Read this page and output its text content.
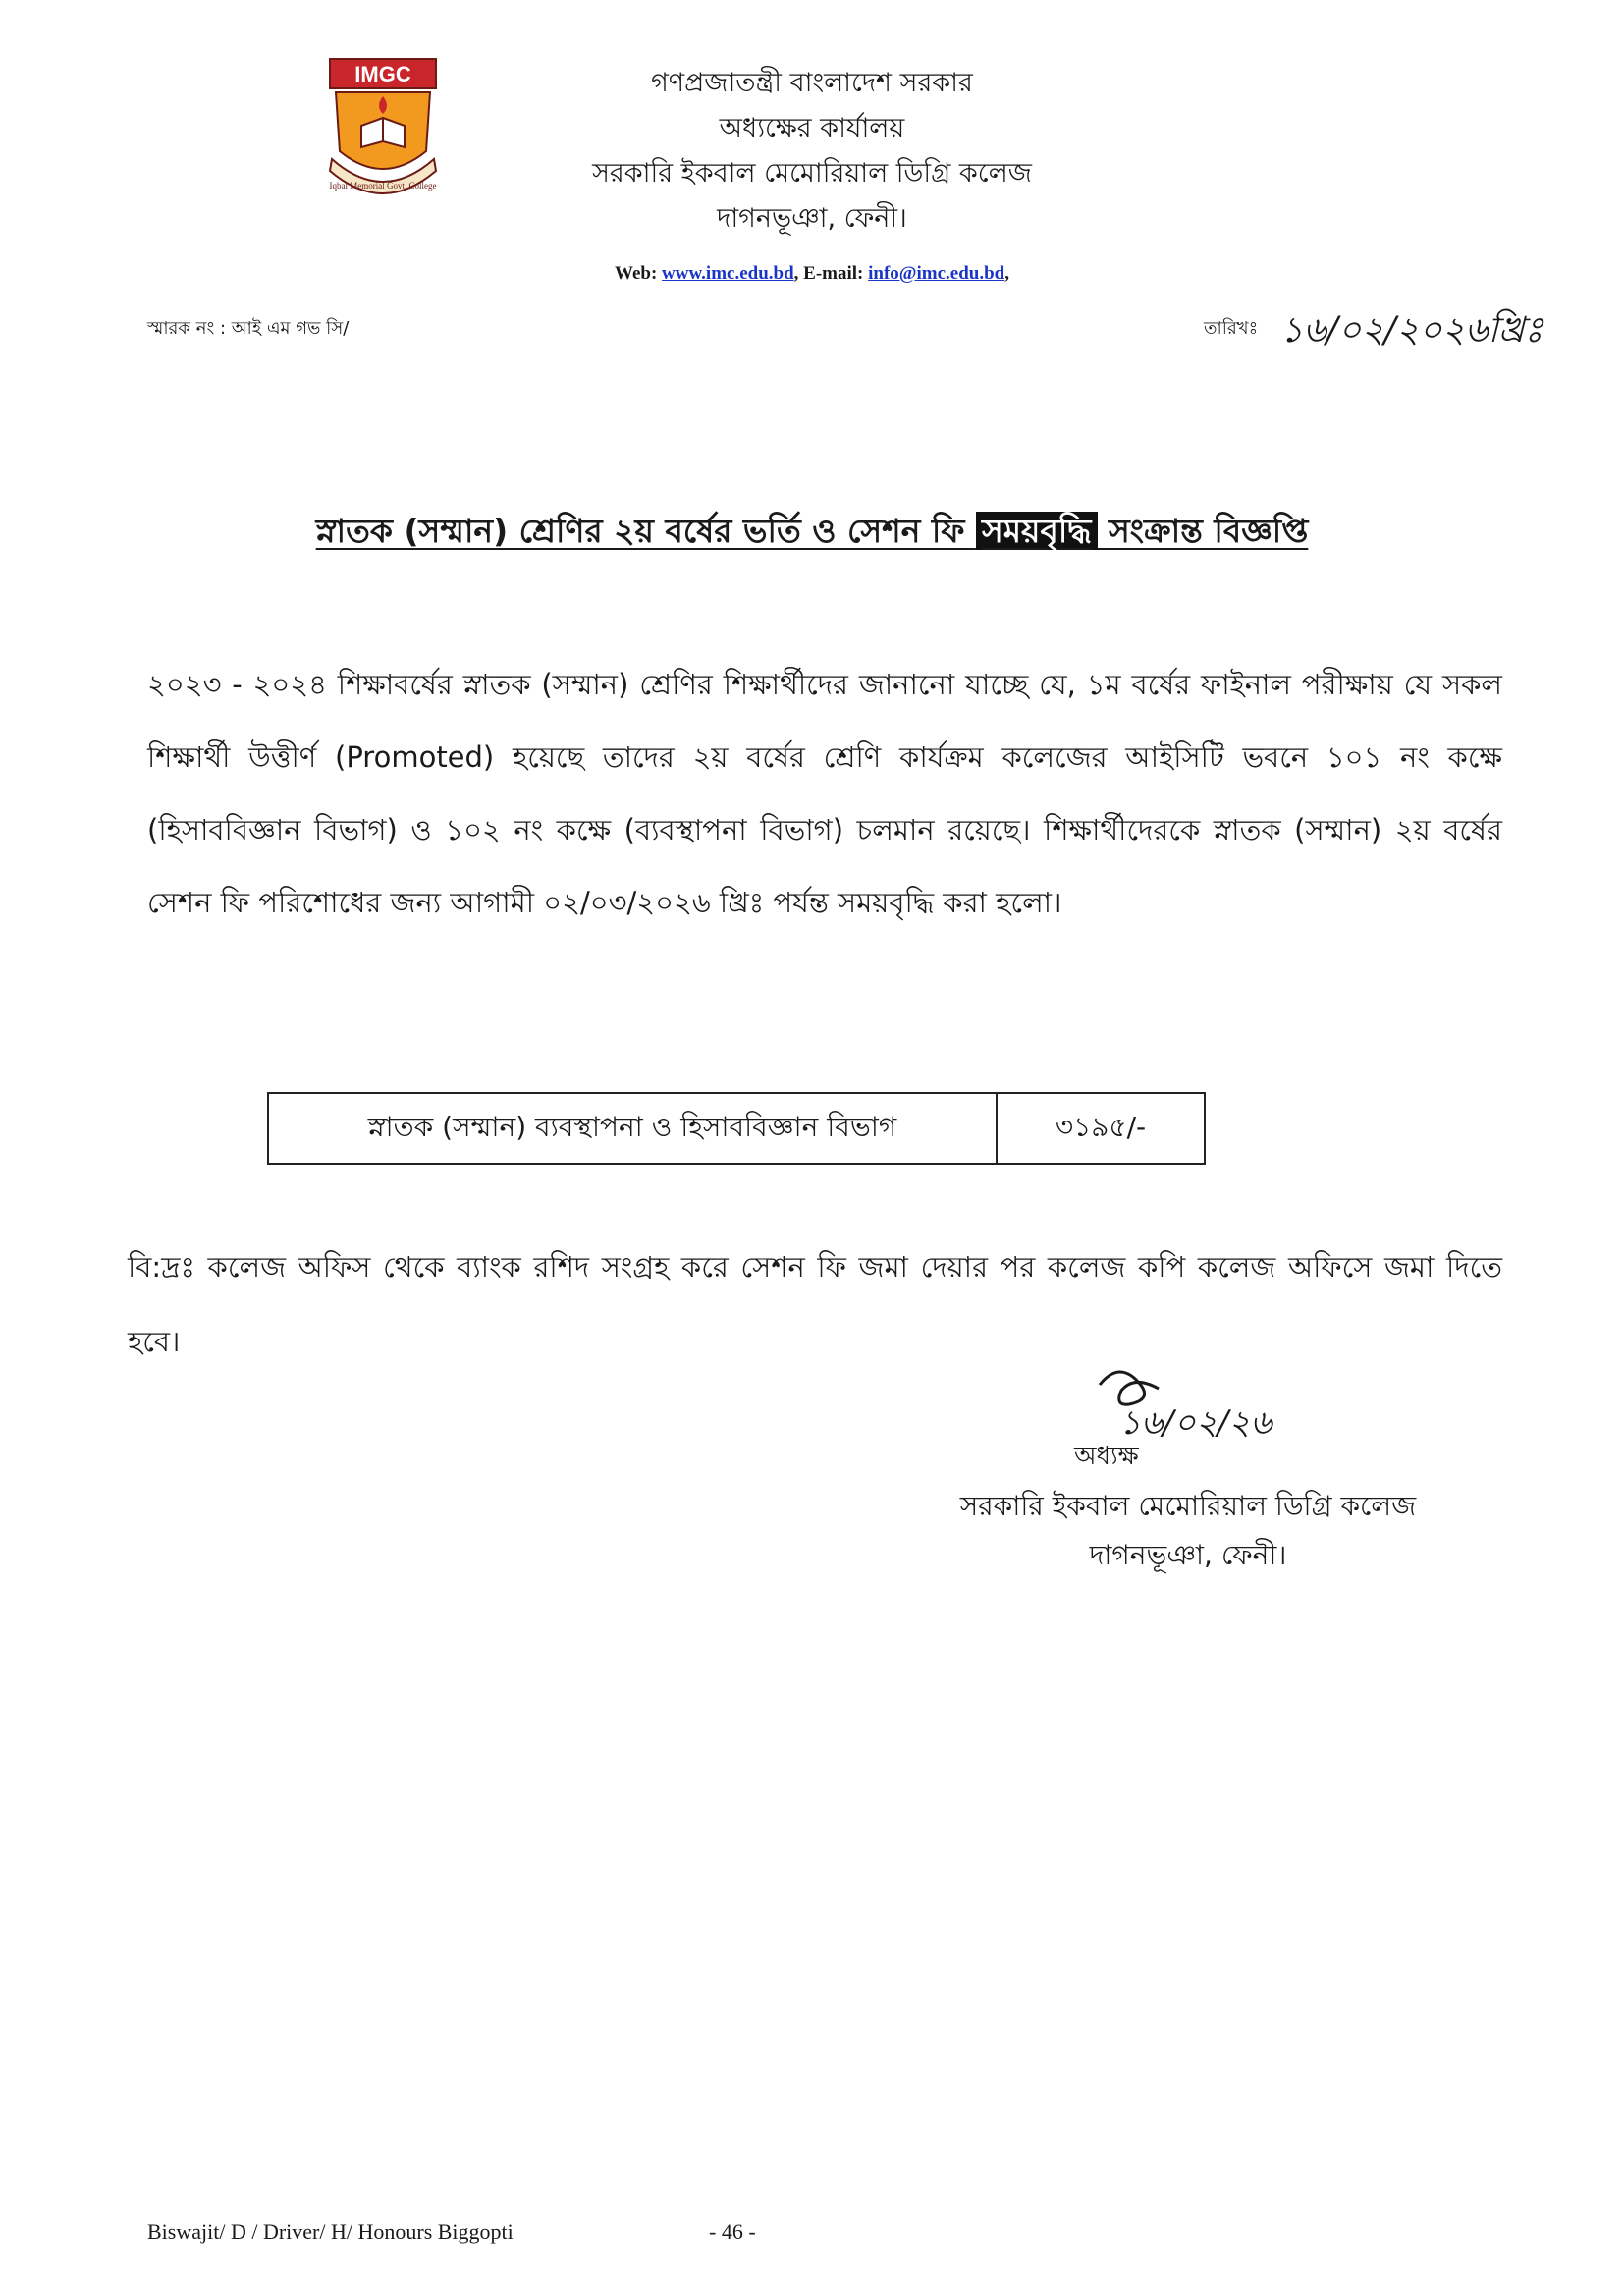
IMGC
Iqbal Memorial Govt. College
গণপ্রজাতন্ত্রী বাংলাদেশ সরকার
অধ্যক্ষের কার্যালয়
সরকারি ইকবাল মেমোরিয়াল ডিগ্রি কলেজ
দাগনভূঞা, ফেনী।
Web: www.imc.edu.bd, E-mail: info@imc.edu.bd,
স্মারক নং : আই এম গভ সি/	তারিখঃ ১৬/০২/২০২৬খ্রিঃ
স্নাতক (সম্মান) শ্রেণির ২য় বর্ষের ভর্তি ও সেশন ফি সময়বৃদ্ধি সংক্রান্ত বিজ্ঞপ্তি
২০২৩ - ২০২৪ শিক্ষাবর্ষের স্নাতক (সম্মান) শ্রেণির শিক্ষার্থীদের জানানো যাচ্ছে যে, ১ম বর্ষের ফাইনাল পরীক্ষায় যে সকল শিক্ষার্থী উত্তীর্ণ (Promoted) হয়েছে তাদের ২য় বর্ষের শ্রেণি কার্যক্রম কলেজের আইসিটি ভবনে ১০১ নং কক্ষে (হিসাববিজ্ঞান বিভাগ) ও ১০২ নং কক্ষে (ব্যবস্থাপনা বিভাগ) চলমান রয়েছে। শিক্ষার্থীদেরকে স্নাতক (সম্মান) ২য় বর্ষের সেশন ফি পরিশোধের জন্য আগামী ০২/০৩/২০২৬ খ্রিঃ পর্যন্ত সময়বৃদ্ধি করা হলো।
স্নাতক (সম্মান) ব্যবস্থাপনা ও হিসাববিজ্ঞান বিভাগ	৩১৯৫/-
বি:দ্রঃ কলেজ অফিস থেকে ব্যাংক রশিদ সংগ্রহ করে সেশন ফি জমা দেয়ার পর কলেজ কপি কলেজ অফিসে জমা দিতে হবে।
১৬/০২/২৬
অধ্যক্ষ
সরকারি ইকবাল মেমোরিয়াল ডিগ্রি কলেজ
দাগনভূঞা, ফেনী।
Biswajit/ D / Driver/ H/ Honours Biggopti	- 46 -
